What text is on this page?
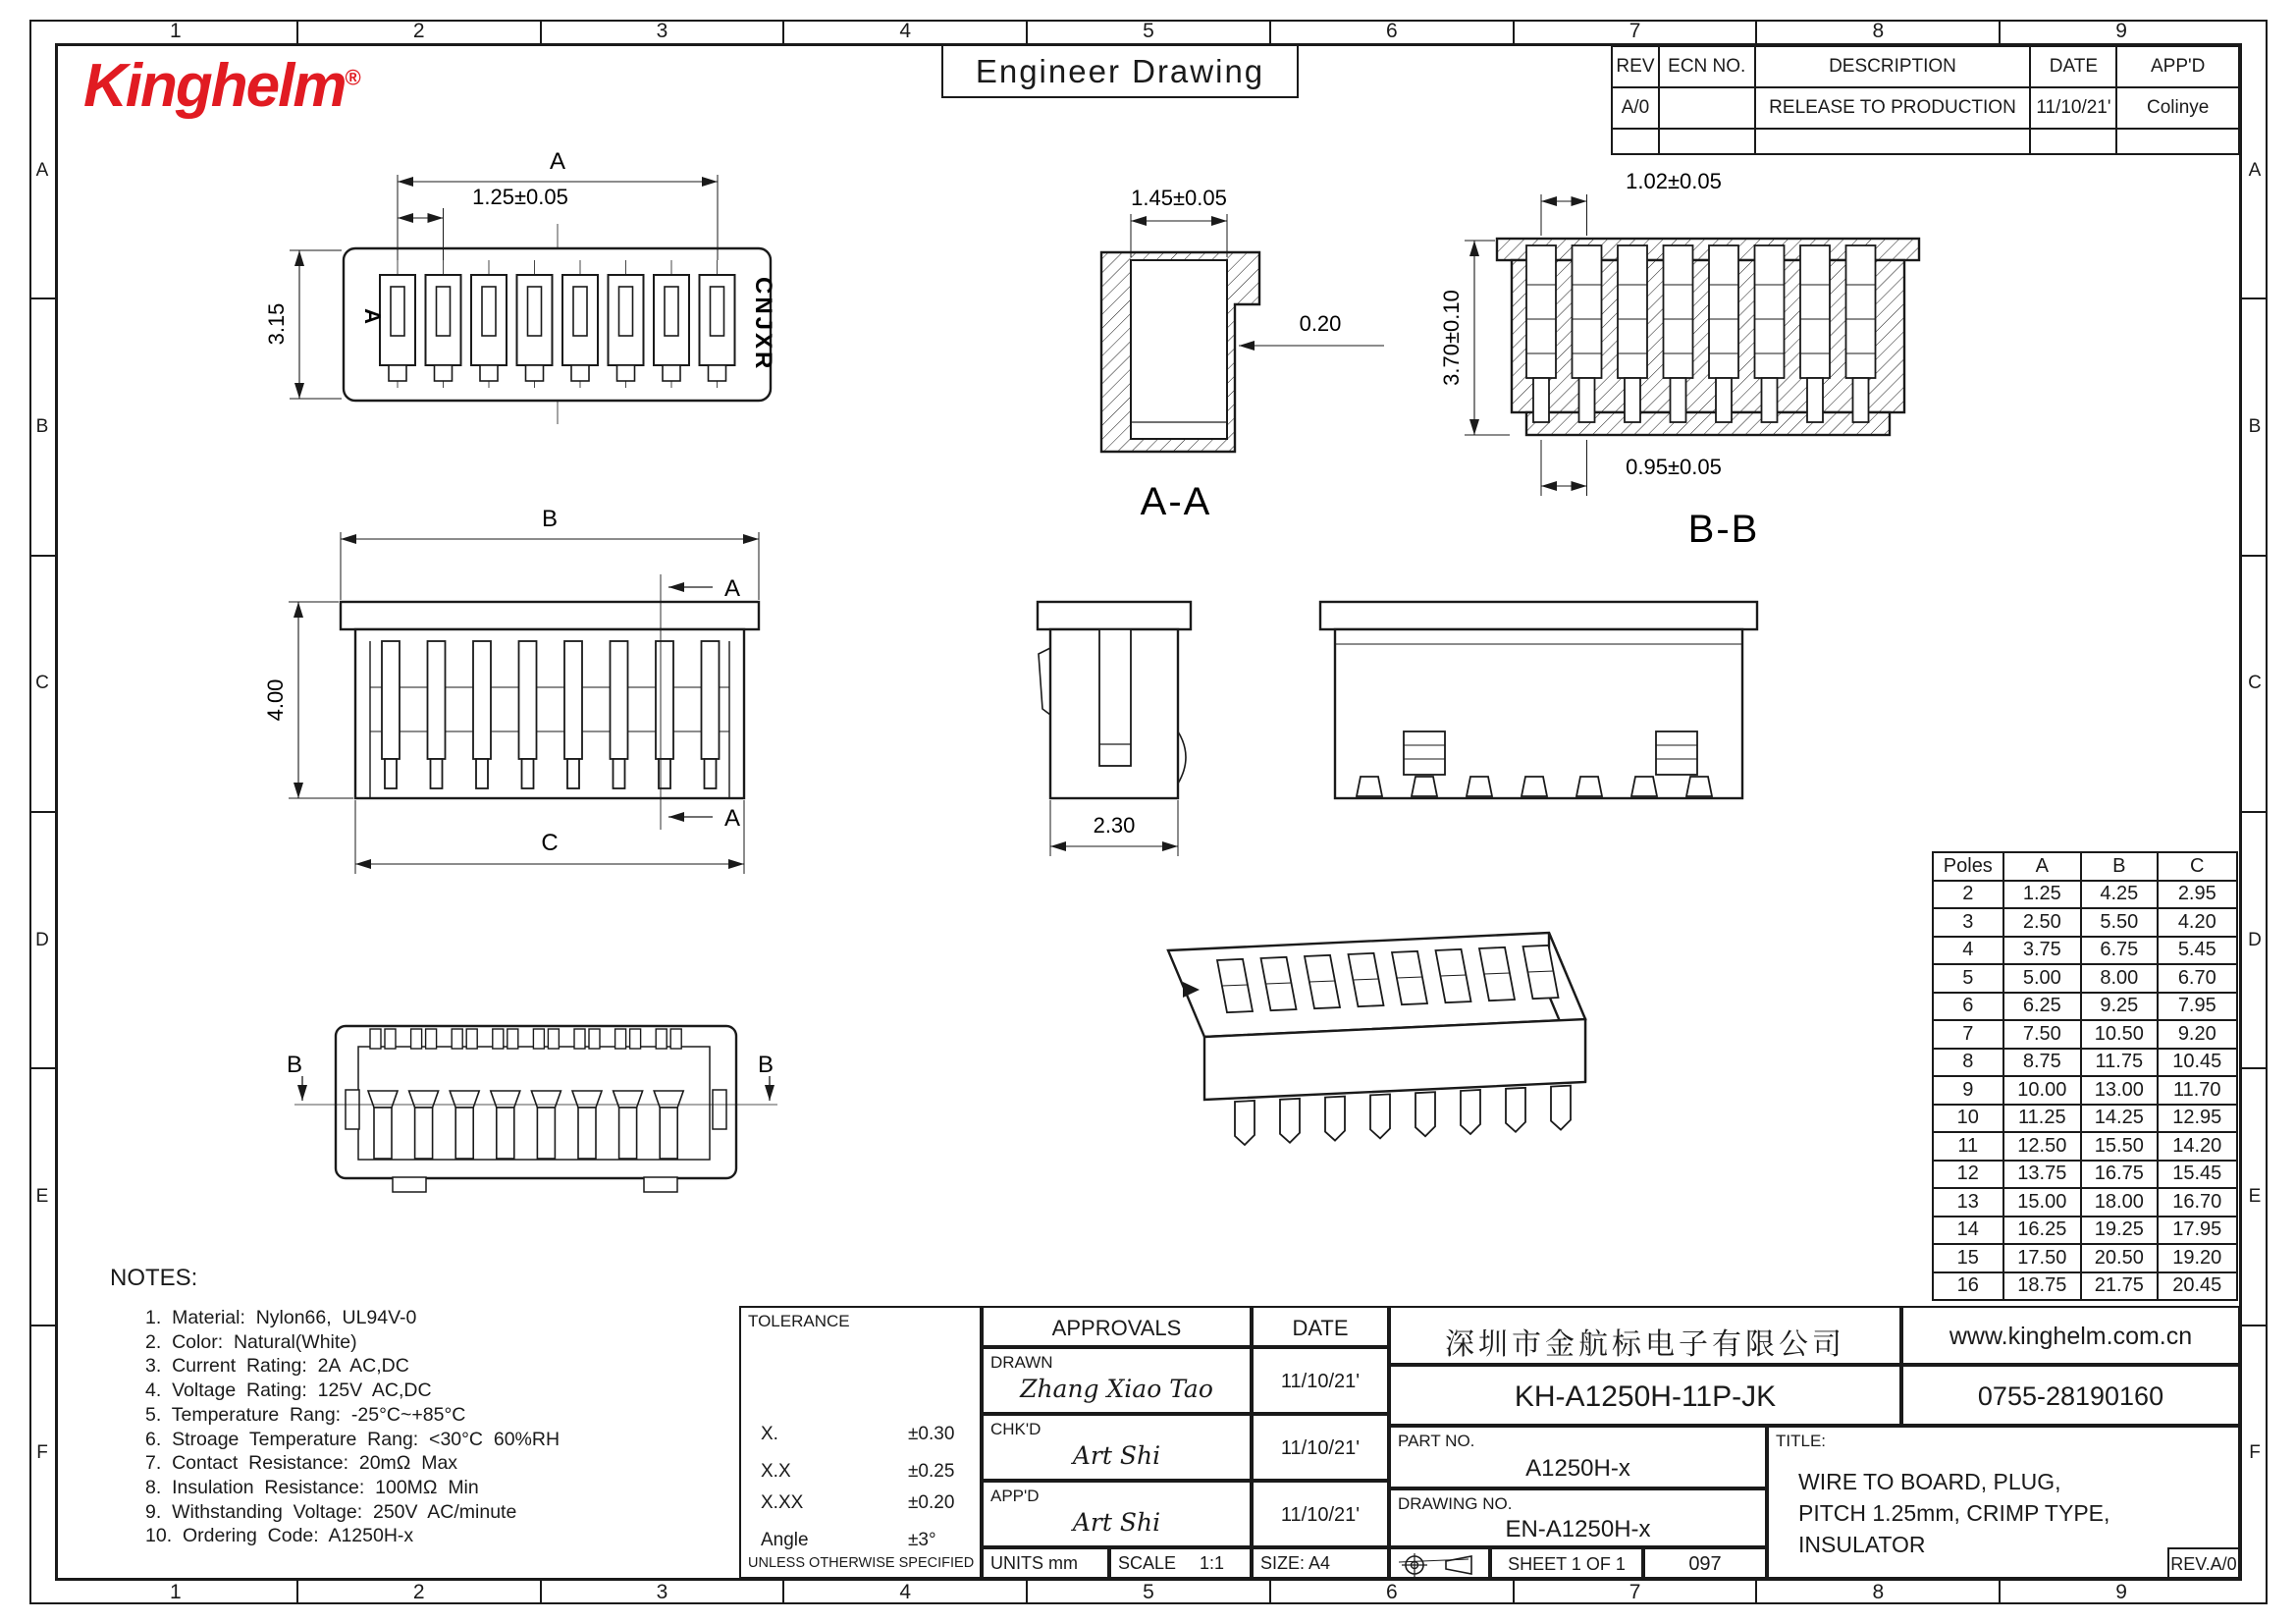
A	CNJXR
A
1.25±0.05
3.15
1.45±0.05
0.20
A-A
1.02±0.05
3.70±0.10
0.95±0.05
B-B
B
4.00
C
A
A	2.30
B	B
1	2	3	4	5	6	7	8	9
1	2	3	4	5	6	7	8	9
A
B
C
D
E
F
A
B
C
D
E
F
Kinghelm®	Engineer Drawing	REV	ECN NO.	DESCRIPTION	DATE	APP'D
A/0		RELEASE TO PRODUCTION	11/10/21'	Colinye

Poles	A	B	C
2	1.25	4.25	2.95
3	2.50	5.50	4.20
4	3.75	6.75	5.45
5	5.00	8.00	6.70
6	6.25	9.25	7.95
7	7.50	10.50	9.20
8	8.75	11.75	10.45
9	10.00	13.00	11.70
10	11.25	14.25	12.95
11	12.50	15.50	14.20
12	13.75	16.75	15.45
13	15.00	18.00	16.70
14	16.25	19.25	17.95
15	17.50	20.50	19.20
16	18.75	21.75	20.45
NOTES:
1.  Material:  Nylon66,  UL94V-0
2.  Color:  Natural(White)
3.  Current  Rating:  2A  AC,DC
4.  Voltage  Rating:  125V  AC,DC
5.  Temperature  Rang:  -25°C~+85°C
6.  Stroage  Temperature  Rang:  <30°C  60%RH
7.  Contact  Resistance:  20mΩ  Max
8.  Insulation  Resistance:  100MΩ  Min
9.  Withstanding  Voltage:  250V  AC/minute
10.  Ordering  Code:  A1250H-x
TOLERANCE
X.	±0.30
X.X	±0.25
X.XX	±0.20
Angle	±3°
UNLESS OTHERWISE SPECIFIED
APPROVALS	DATE
DRAWN
Zhang Xiao Tao	11/10/21'
CHK'D
Art Shi	11/10/21'
APP'D
Art Shi	11/10/21'
UNITS mm SCALE 1:1 SIZE: A4
深圳市金航标电子有限公司	www.kinghelm.com.cn
KH-A1250H-11P-JK	0755-28190160
PART NO.
A1250H-x
DRAWING NO.
EN-A1250H-x
SHEET 1 OF 1	097
TITLE:
WIRE TO BOARD, PLUG,
PITCH 1.25mm, CRIMP TYPE,
INSULATOR
REV.A/0
